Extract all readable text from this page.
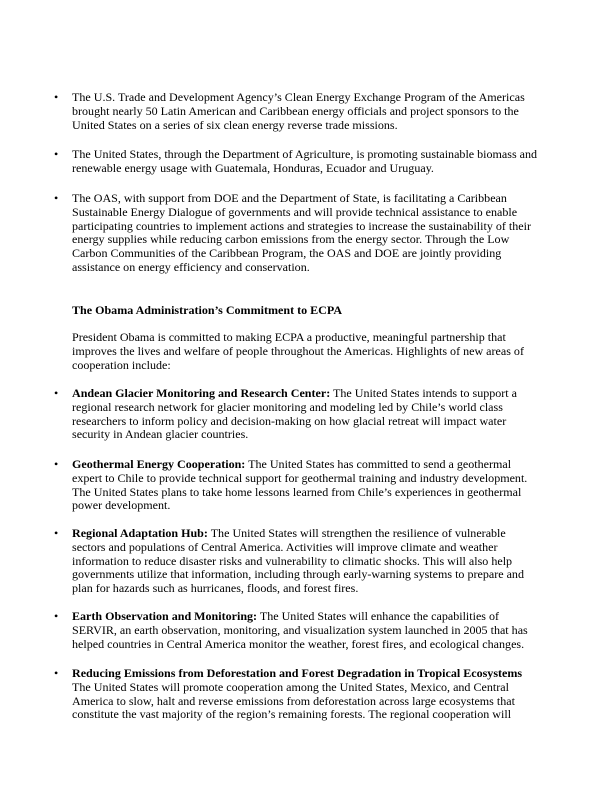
• The U.S. Trade and Development Agency’s Clean Energy Exchange Program of the Americas brought nearly 50 Latin American and Caribbean energy officials and project sponsors to the United States on a series of six clean energy reverse trade missions.

• The United States, through the Department of Agriculture, is promoting sustainable biomass and renewable energy usage with Guatemala, Honduras, Ecuador and Uruguay.

• The OAS, with support from DOE and the Department of State, is facilitating a Caribbean Sustainable Energy Dialogue of governments and will provide technical assistance to enable participating countries to implement actions and strategies to increase the sustainability of their energy supplies while reducing carbon emissions from the energy sector. Through the Low Carbon Communities of the Caribbean Program, the OAS and DOE are jointly providing assistance on energy efficiency and conservation.

The Obama Administration’s Commitment to ECPA

President Obama is committed to making ECPA a productive, meaningful partnership that improves the lives and welfare of people throughout the Americas. Highlights of new areas of cooperation include:

• Andean Glacier Monitoring and Research Center: The United States intends to support a regional research network for glacier monitoring and modeling led by Chile’s world class researchers to inform policy and decision-making on how glacial retreat will impact water security in Andean glacier countries.

• Geothermal Energy Cooperation: The United States has committed to send a geothermal expert to Chile to provide technical support for geothermal training and industry development. The United States plans to take home lessons learned from Chile’s experiences in geothermal power development.

• Regional Adaptation Hub: The United States will strengthen the resilience of vulnerable sectors and populations of Central America. Activities will improve climate and weather information to reduce disaster risks and vulnerability to climatic shocks. This will also help governments utilize that information, including through early-warning systems to prepare and plan for hazards such as hurricanes, floods, and forest fires.

• Earth Observation and Monitoring: The United States will enhance the capabilities of SERVIR, an earth observation, monitoring, and visualization system launched in 2005 that has helped countries in Central America monitor the weather, forest fires, and ecological changes.

• Reducing Emissions from Deforestation and Forest Degradation in Tropical Ecosystems The United States will promote cooperation among the United States, Mexico, and Central America to slow, halt and reverse emissions from deforestation across large ecosystems that constitute the vast majority of the region’s remaining forests. The regional cooperation will
